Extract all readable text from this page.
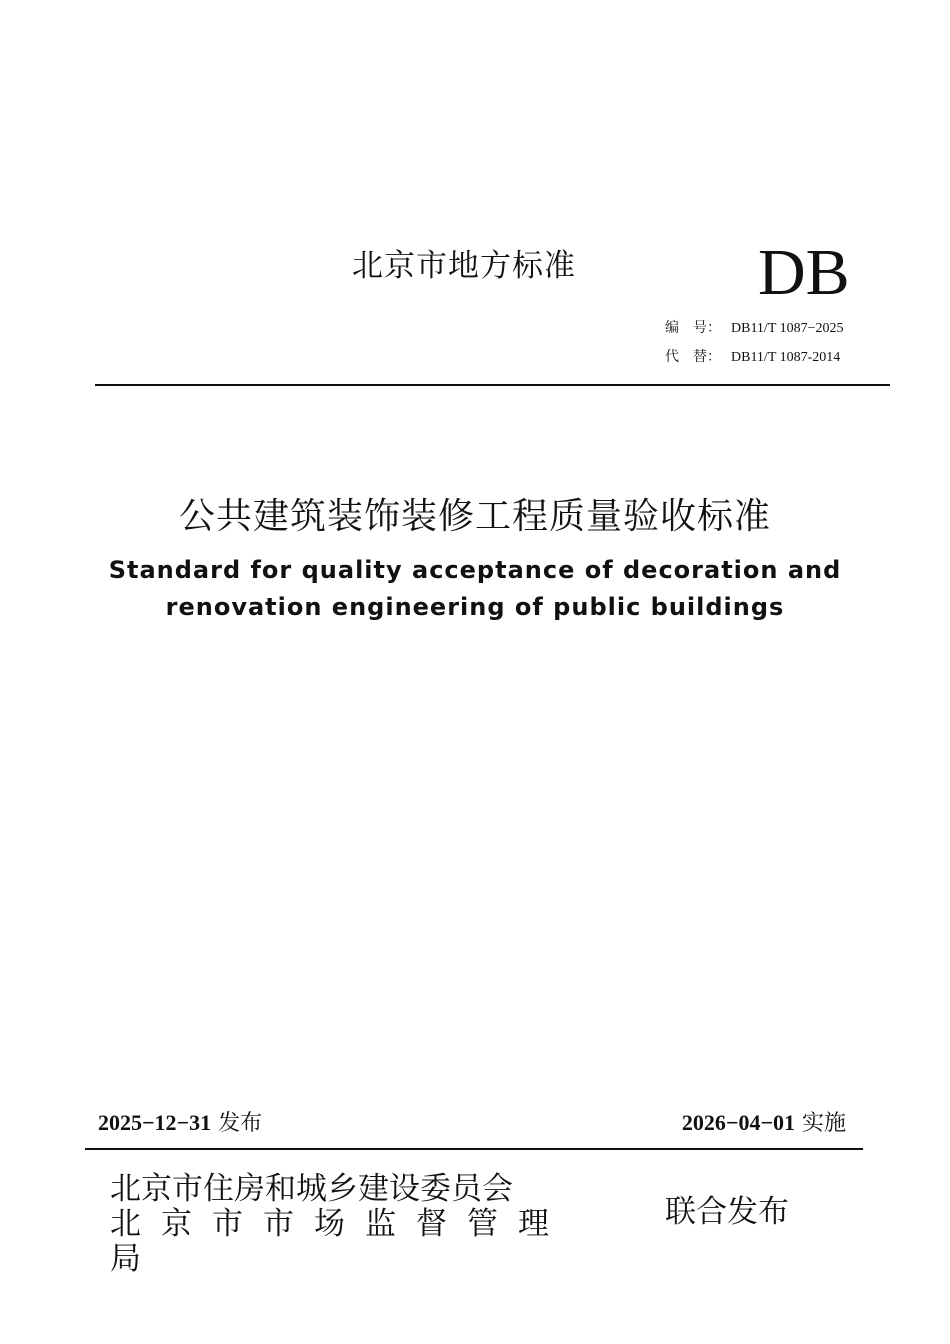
北京市地方标准	DB
编　号： DB11/T 1087−2025
代　替： DB11/T 1087-2014
公共建筑装饰装修工程质量验收标准
Standard for quality acceptance of decoration and
renovation engineering of public buildings
2025−12−31 发布	2026−04−01 实施
北京市住房和城乡建设委员会
北京市市场监督管理
局
联合发布
